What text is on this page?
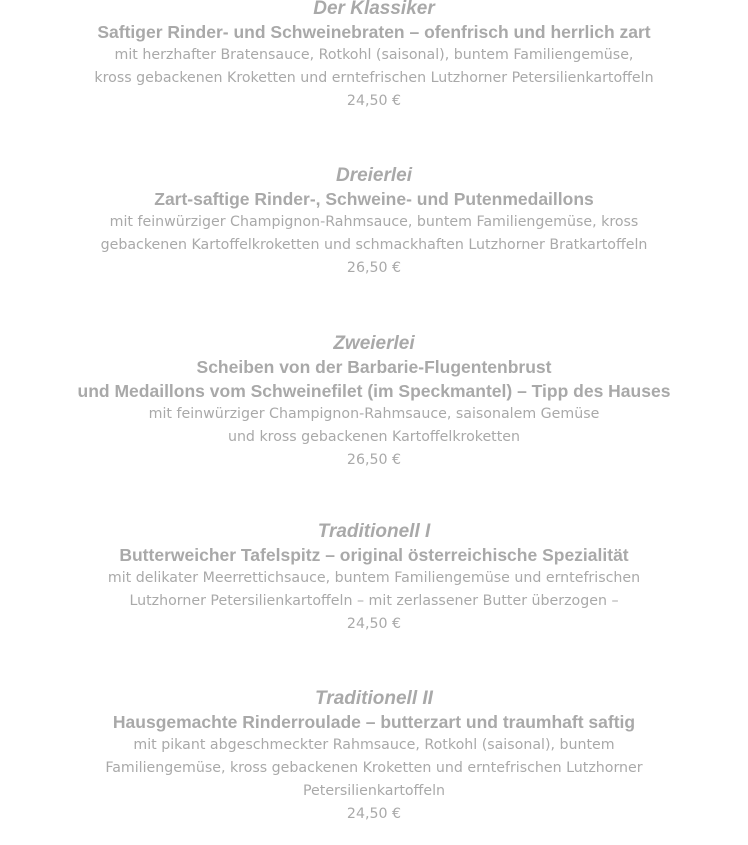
Der Klassiker
Saftiger Rinder- und Schweinebraten – ofenfrisch und herrlich zart
mit herzhafter Bratensauce, Rotkohl (saisonal), buntem Familiengemüse,
kross gebackenen Kroketten und erntefrischen Lutzhorner Petersilienkartoffeln
24,50 €
Dreierlei
Zart-saftige Rinder-, Schweine- und Putenmedaillons
mit feinwürziger Champignon-Rahmsauce, buntem Familiengemüse, kross
gebackenen Kartoffelkroketten und schmackhaften Lutzhorner Bratkartoffeln
26,50 €
Zweierlei
Scheiben von der Barbarie-Flugentenbrust
und Medaillons vom Schweinefilet (im Speckmantel) – Tipp des Hauses
mit feinwürziger Champignon-Rahmsauce, saisonalem Gemüse
und kross gebackenen Kartoffelkroketten
26,50 €
Traditionell I
Butterweicher Tafelspitz – original österreichische Spezialität
mit delikater Meerrettichsauce, buntem Familiengemüse und erntefrischen
Lutzhorner Petersilienkartoffeln – mit zerlassener Butter überzogen –
24,50 €
Traditionell II
Hausgemachte Rinderroulade – butterzart und traumhaft saftig
mit pikant abgeschmeckter Rahmsauce, Rotkohl (saisonal), buntem
Familiengemüse, kross gebackenen Kroketten und erntefrischen Lutzhorner
Petersilienkartoffeln
24,50 €
